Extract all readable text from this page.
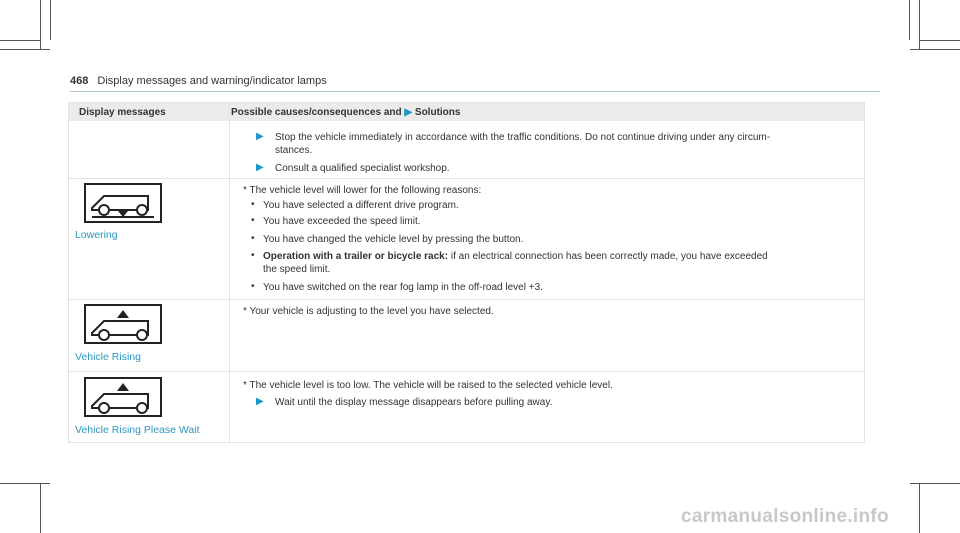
468 Display messages and warning/indicator lamps
Display messages	Possible causes/consequences and ▶ Solutions
▶ Stop the vehicle immediately in accordance with the traffic conditions. Do not continue driving under any circum-
stances.
▶ Consult a qualified specialist workshop.
Lowering
* The vehicle level will lower for the following reasons:
• You have selected a different drive program.
• You have exceeded the speed limit.
• You have changed the vehicle level by pressing the button.
• Operation with a trailer or bicycle rack: if an electrical connection has been correctly made, you have exceeded
the speed limit.
• You have switched on the rear fog lamp in the off-road level +3.
Vehicle Rising
* Your vehicle is adjusting to the level you have selected.
Vehicle Rising Please Wait
* The vehicle level is too low. The vehicle will be raised to the selected vehicle level.
▶ Wait until the display message disappears before pulling away.
carmanualsonline.info
